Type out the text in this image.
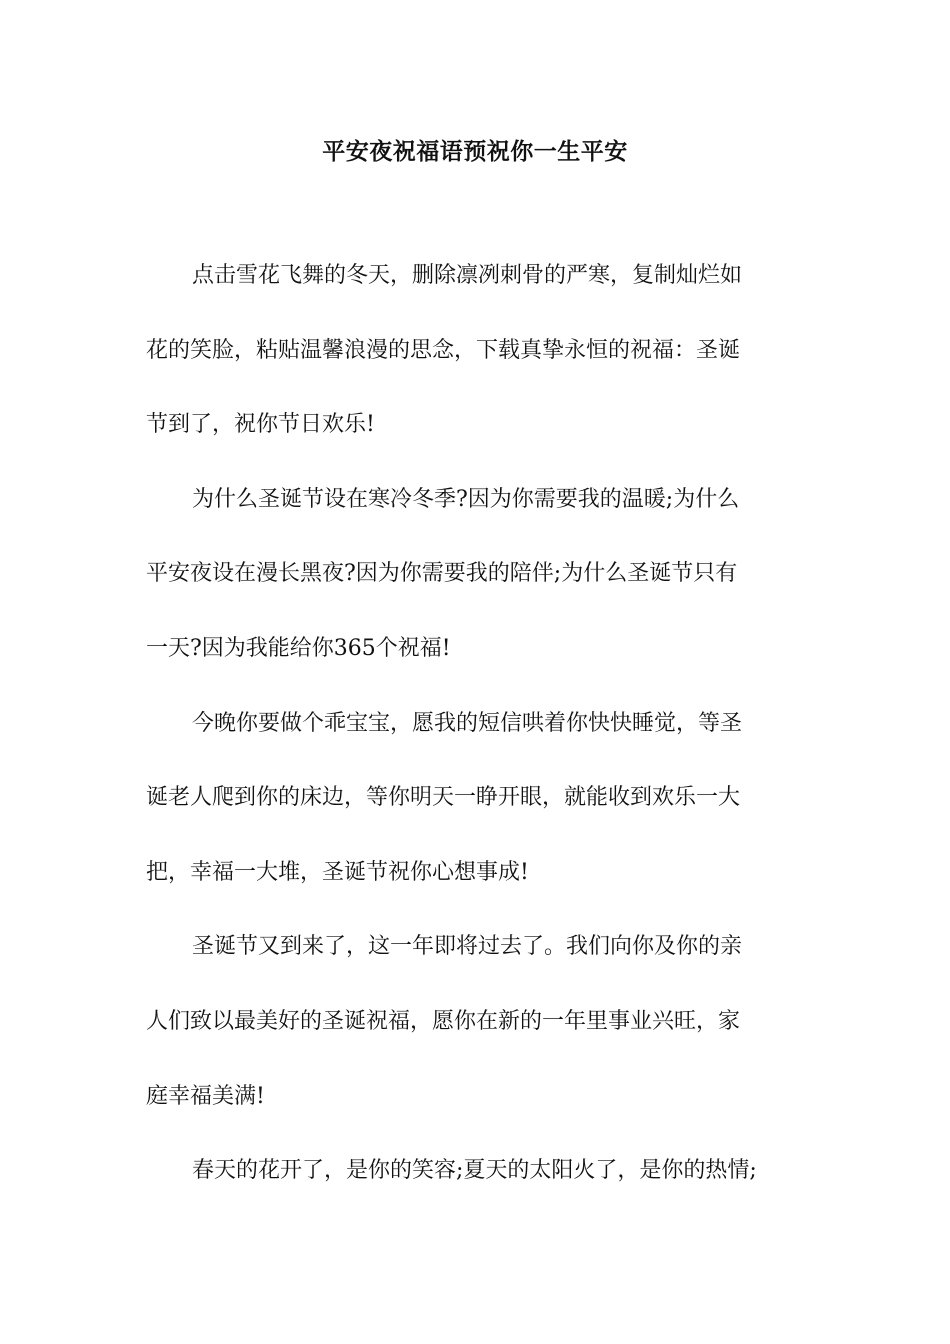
平安夜祝福语预祝你一生平安
点击雪花飞舞的冬天，删除凛冽刺骨的严寒，复制灿烂如
花的笑脸，粘贴温馨浪漫的思念，下载真挚永恒的祝福：圣诞
节到了，祝你节日欢乐!
为什么圣诞节设在寒冷冬季?因为你需要我的温暖;为什么
平安夜设在漫长黑夜?因为你需要我的陪伴;为什么圣诞节只有
一天?因为我能给你365个祝福!
今晚你要做个乖宝宝，愿我的短信哄着你快快睡觉，等圣
诞老人爬到你的床边，等你明天一睁开眼，就能收到欢乐一大
把，幸福一大堆，圣诞节祝你心想事成!
圣诞节又到来了，这一年即将过去了。我们向你及你的亲
人们致以最美好的圣诞祝福，愿你在新的一年里事业兴旺，家
庭幸福美满!
春天的花开了，是你的笑容;夏天的太阳火了，是你的热情;
